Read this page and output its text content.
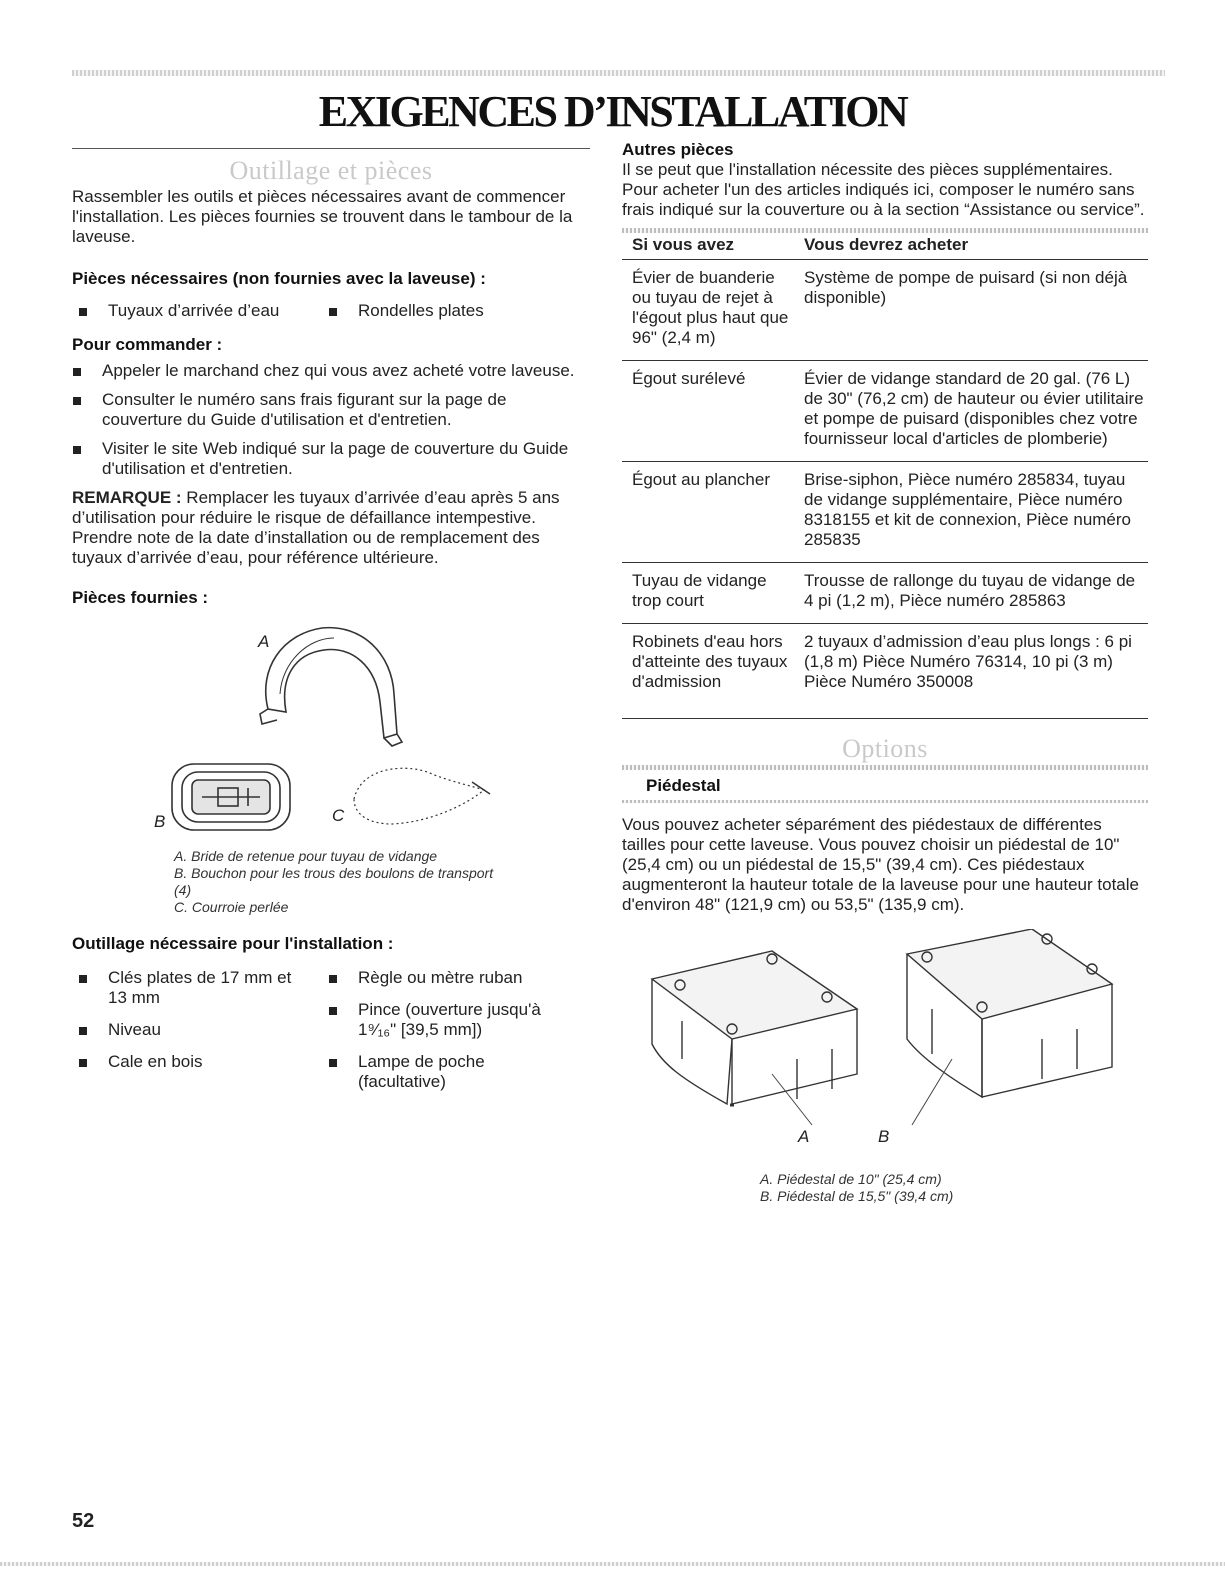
EXIGENCES D’INSTALLATION
Outillage et pièces

Rassembler les outils et pièces nécessaires avant de commencer l'installation. Les pièces fournies se trouvent dans le tambour de la laveuse.

Pièces nécessaires (non fournies avec la laveuse) :
Tuyaux d’arrivée d’eau	Rondelles plates
Pour commander :
Appeler le marchand chez qui vous avez acheté votre laveuse.
Consulter le numéro sans frais figurant sur la page de couverture du Guide d'utilisation et d'entretien.
Visiter le site Web indiqué sur la page de couverture du Guide d'utilisation et d'entretien.

REMARQUE : Remplacer les tuyaux d’arrivée d’eau après 5 ans d’utilisation pour réduire le risque de défaillance intempestive. Prendre note de la date d’installation ou de remplacement des tuyaux d’arrivée d’eau, pour référence ultérieure.

Pièces fournies :
A
B	C
A. Bride de retenue pour tuyau de vidange
B. Bouchon pour les trous des boulons de transport (4)
C. Courroie perlée
Outillage nécessaire pour l'installation :
Clés plates de 17 mm et 13 mm
Niveau
Cale en bois
Règle ou mètre ruban
Pince (ouverture jusqu'à 1⁹⁄₁₆" [39,5 mm])
Lampe de poche (facultative)
Autres pièces

Il se peut que l'installation nécessite des pièces supplémentaires. Pour acheter l'un des articles indiqués ici, composer le numéro sans frais indiqué sur la couverture ou à la section “Assistance ou service”.

Si vous avez	Vous devrez acheter
Évier de buanderie ou tuyau de rejet à l'égout plus haut que 96" (2,4 m)	Système de pompe de puisard (si non déjà disponible)
Égout surélevé	Évier de vidange standard de 20 gal. (76 L) de 30" (76,2 cm) de hauteur ou évier utilitaire et pompe de puisard (disponibles chez votre fournisseur local d'articles de plomberie)
Égout au plancher	Brise-siphon, Pièce numéro 285834, tuyau de vidange supplémentaire, Pièce numéro 8318155 et kit de connexion, Pièce numéro 285835
Tuyau de vidange trop court	Trousse de rallonge du tuyau de vidange de 4 pi (1,2 m), Pièce numéro 285863
Robinets d'eau hors d'atteinte des tuyaux d'admission	2 tuyaux d’admission d’eau plus longs : 6 pi (1,8 m) Pièce Numéro 76314, 10 pi (3 m) Pièce Numéro 350008
Options
Piédestal

Vous pouvez acheter séparément des piédestaux de différentes tailles pour cette laveuse. Vous pouvez choisir un piédestal de 10" (25,4 cm) ou un piédestal de 15,5" (39,4 cm). Ces piédestaux augmenteront la hauteur totale de la laveuse pour une hauteur totale d'environ 48" (121,9 cm) ou 53,5" (135,9 cm).

A	B
A. Piédestal de 10" (25,4 cm)
B. Piédestal de 15,5" (39,4 cm)
52
